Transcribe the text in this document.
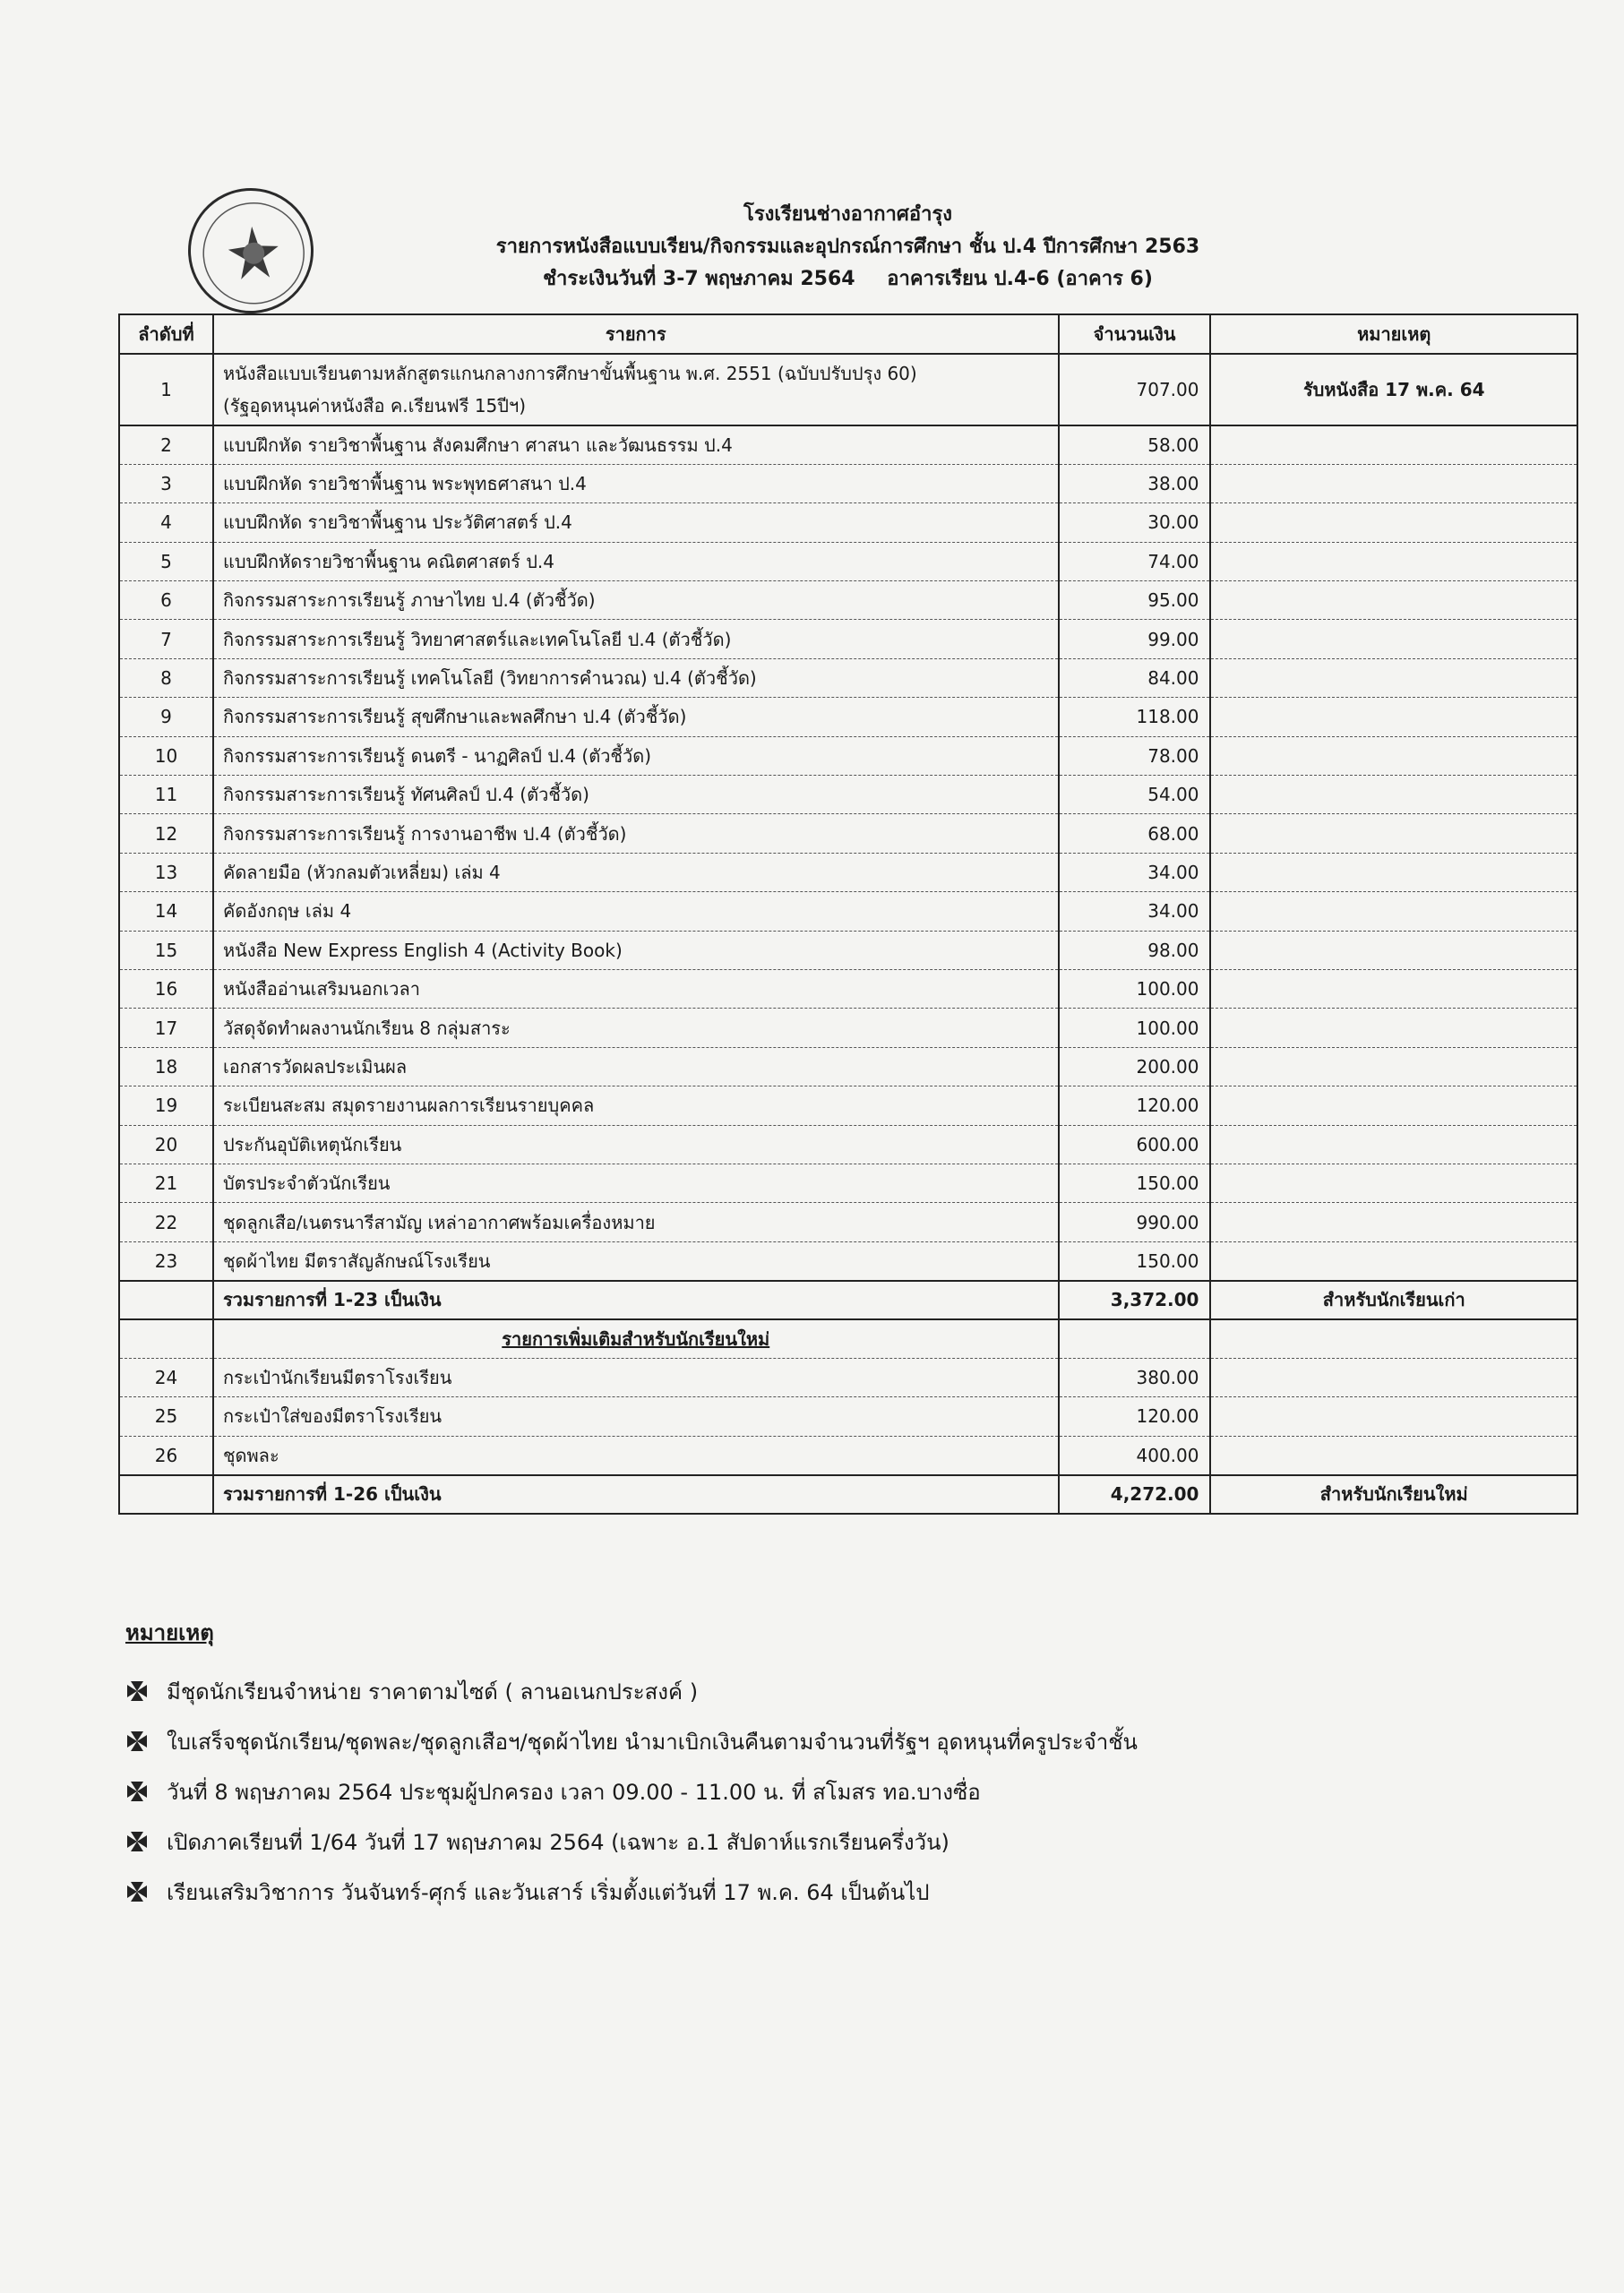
โรงเรียนช่างอากาศอำรุง
รายการหนังสือแบบเรียน/กิจกรรมและอุปกรณ์การศึกษา ชั้น ป.4 ปีการศึกษา 2563
ชำระเงินวันที่ 3-7 พฤษภาคม 2564 อาคารเรียน ป.4-6 (อาคาร 6)
ลำดับที่	รายการ	จำนวนเงิน	หมายเหตุ
1	หนังสือแบบเรียนตามหลักสูตรแกนกลางการศึกษาขั้นพื้นฐาน พ.ศ. 2551 (ฉบับปรับปรุง 60)
(รัฐอุดหนุนค่าหนังสือ ค.เรียนฟรี 15ปีฯ)	707.00	รับหนังสือ 17 พ.ค. 64
2	แบบฝึกหัด รายวิชาพื้นฐาน สังคมศึกษา ศาสนา และวัฒนธรรม ป.4	58.00	
3	แบบฝึกหัด รายวิชาพื้นฐาน พระพุทธศาสนา ป.4	38.00	
4	แบบฝึกหัด รายวิชาพื้นฐาน ประวัติศาสตร์ ป.4	30.00	
5	แบบฝึกหัดรายวิชาพื้นฐาน คณิตศาสตร์ ป.4	74.00	
6	กิจกรรมสาระการเรียนรู้ ภาษาไทย ป.4 (ตัวชี้วัด)	95.00	
7	กิจกรรมสาระการเรียนรู้ วิทยาศาสตร์และเทคโนโลยี ป.4 (ตัวชี้วัด)	99.00	
8	กิจกรรมสาระการเรียนรู้ เทคโนโลยี (วิทยาการคำนวณ) ป.4 (ตัวชี้วัด)	84.00	
9	กิจกรรมสาระการเรียนรู้ สุขศึกษาและพลศึกษา ป.4 (ตัวชี้วัด)	118.00	
10	กิจกรรมสาระการเรียนรู้ ดนตรี - นาฏศิลป์ ป.4 (ตัวชี้วัด)	78.00	
11	กิจกรรมสาระการเรียนรู้ ทัศนศิลป์ ป.4 (ตัวชี้วัด)	54.00	
12	กิจกรรมสาระการเรียนรู้ การงานอาชีพ ป.4 (ตัวชี้วัด)	68.00	
13	คัดลายมือ (หัวกลมตัวเหลี่ยม) เล่ม 4	34.00	
14	คัดอังกฤษ เล่ม 4	34.00	
15	หนังสือ New Express English 4 (Activity Book)	98.00	
16	หนังสืออ่านเสริมนอกเวลา	100.00	
17	วัสดุจัดทำผลงานนักเรียน 8 กลุ่มสาระ	100.00	
18	เอกสารวัดผลประเมินผล	200.00	
19	ระเบียนสะสม สมุดรายงานผลการเรียนรายบุคคล	120.00	
20	ประกันอุบัติเหตุนักเรียน	600.00	
21	บัตรประจำตัวนักเรียน	150.00	
22	ชุดลูกเสือ/เนตรนารีสามัญ เหล่าอากาศพร้อมเครื่องหมาย	990.00	
23	ชุดผ้าไทย มีตราสัญลักษณ์โรงเรียน	150.00	
	รวมรายการที่ 1-23 เป็นเงิน	3,372.00	สำหรับนักเรียนเก่า
	รายการเพิ่มเติมสำหรับนักเรียนใหม่		
24	กระเป๋านักเรียนมีตราโรงเรียน	380.00	
25	กระเป๋าใส่ของมีตราโรงเรียน	120.00	
26	ชุดพละ	400.00	
	รวมรายการที่ 1-26 เป็นเงิน	4,272.00	สำหรับนักเรียนใหม่
หมายเหตุ
มีชุดนักเรียนจำหน่าย ราคาตามไซด์ ( ลานอเนกประสงค์ )
ใบเสร็จชุดนักเรียน/ชุดพละ/ชุดลูกเสือฯ/ชุดผ้าไทย นำมาเบิกเงินคืนตามจำนวนที่รัฐฯ อุดหนุนที่ครูประจำชั้น
วันที่ 8 พฤษภาคม 2564 ประชุมผู้ปกครอง เวลา 09.00 - 11.00 น. ที่ สโมสร ทอ.บางซื่อ
เปิดภาคเรียนที่ 1/64 วันที่ 17 พฤษภาคม 2564 (เฉพาะ อ.1 สัปดาห์แรกเรียนครึ่งวัน)
เรียนเสริมวิชาการ วันจันทร์-ศุกร์ และวันเสาร์ เริ่มตั้งแต่วันที่ 17 พ.ค. 64 เป็นต้นไป
